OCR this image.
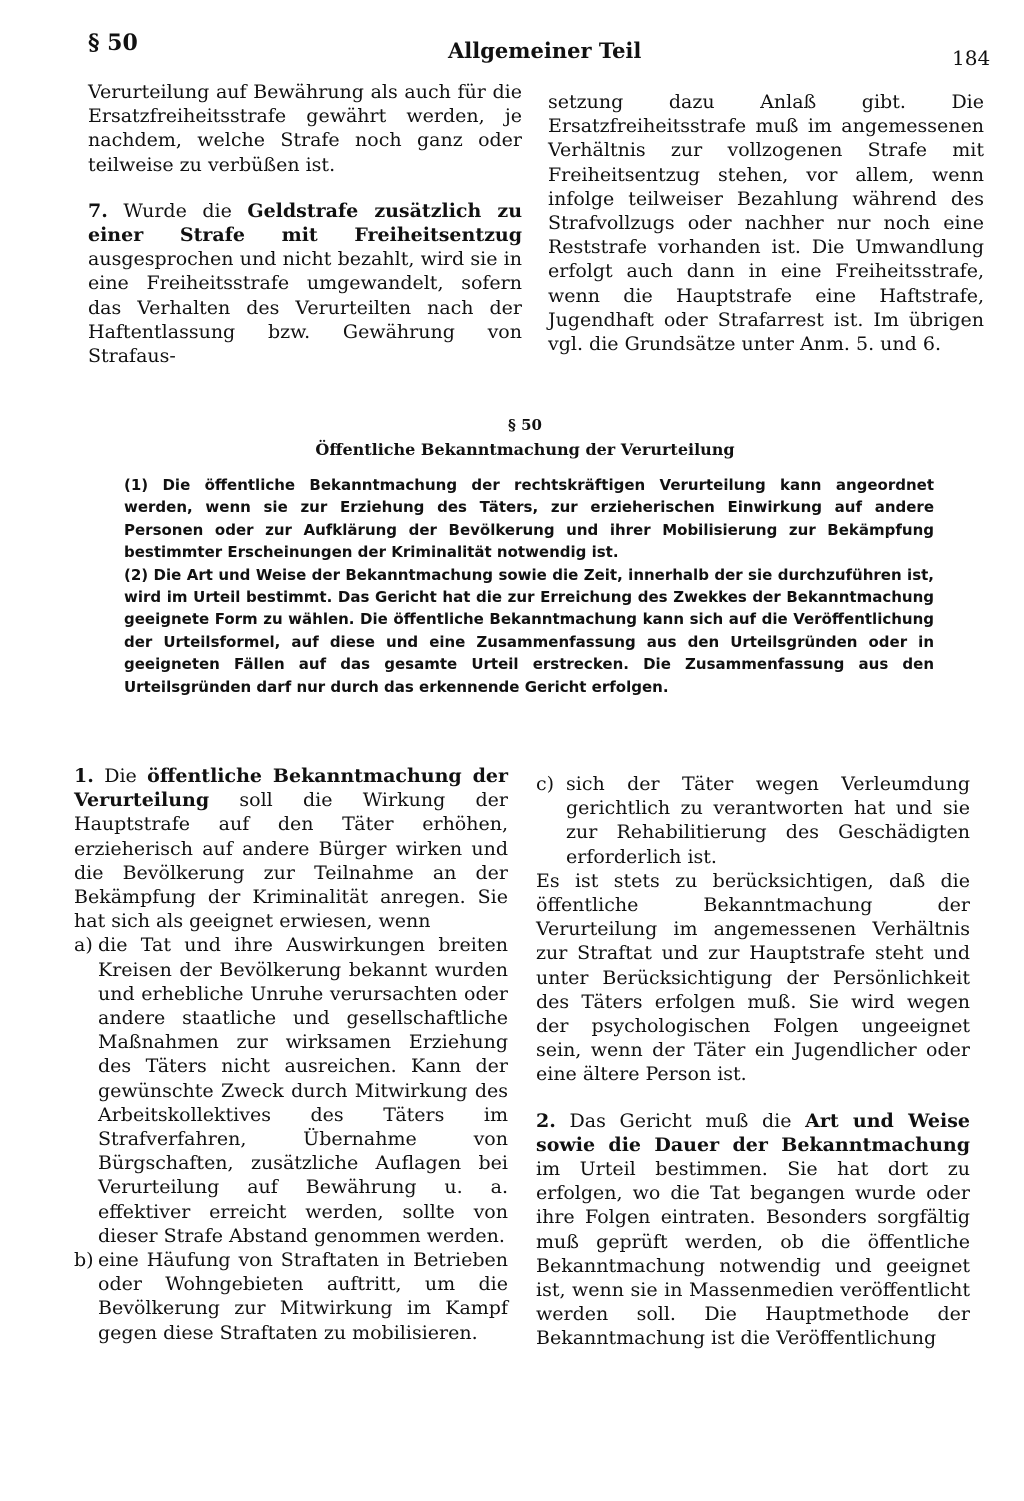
§ 50	Allgemeiner Teil	184

Verurteilung auf Bewährung als auch für die Ersatzfreiheitsstrafe gewährt werden, je nachdem, welche Strafe noch ganz oder teilweise zu verbüßen ist.

7. Wurde die Geldstrafe zusätzlich zu einer Strafe mit Freiheitsentzug ausgesprochen und nicht bezahlt, wird sie in eine Freiheitsstrafe umgewandelt, sofern das Verhalten des Verurteilten nach der Haftentlassung bzw. Gewährung von Strafaus-

setzung dazu Anlaß gibt. Die Ersatzfreiheitsstrafe muß im angemessenen Verhältnis zur vollzogenen Strafe mit Freiheitsentzug stehen, vor allem, wenn infolge teilweiser Bezahlung während des Strafvollzugs oder nachher nur noch eine Reststrafe vorhanden ist. Die Umwandlung erfolgt auch dann in eine Freiheitsstrafe, wenn die Hauptstrafe eine Haftstrafe, Jugendhaft oder Strafarrest ist. Im übrigen vgl. die Grundsätze unter Anm. 5. und 6.

§ 50
Öffentliche Bekanntmachung der Verurteilung

(1) Die öffentliche Bekanntmachung der rechtskräftigen Verurteilung kann angeordnet werden, wenn sie zur Erziehung des Täters, zur erzieherischen Einwirkung auf andere Personen oder zur Aufklärung der Bevölkerung und ihrer Mobilisierung zur Bekämpfung bestimmter Erscheinungen der Kriminalität notwendig ist.

(2) Die Art und Weise der Bekanntmachung sowie die Zeit, innerhalb der sie durchzuführen ist, wird im Urteil bestimmt. Das Gericht hat die zur Erreichung des Zwekkes der Bekanntmachung geeignete Form zu wählen. Die öffentliche Bekanntmachung kann sich auf die Veröffentlichung der Urteilsformel, auf diese und eine Zusammenfassung aus den Urteilsgründen oder in geeigneten Fällen auf das gesamte Urteil erstrecken. Die Zusammenfassung aus den Urteilsgründen darf nur durch das erkennende Gericht erfolgen.

1. Die öffentliche Bekanntmachung der Verurteilung soll die Wirkung der Hauptstrafe auf den Täter erhöhen, erzieherisch auf andere Bürger wirken und die Bevölkerung zur Teilnahme an der Bekämpfung der Kriminalität anregen. Sie hat sich als geeignet erwiesen, wenn

a) die Tat und ihre Auswirkungen breiten Kreisen der Bevölkerung bekannt wurden und erhebliche Unruhe verursachten oder andere staatliche und gesellschaftliche Maßnahmen zur wirksamen Erziehung des Täters nicht ausreichen. Kann der gewünschte Zweck durch Mitwirkung des Arbeitskollektives des Täters im Strafverfahren, Übernahme von Bürgschaften, zusätzliche Auflagen bei Verurteilung auf Bewährung u. a. effektiver erreicht werden, sollte von dieser Strafe Abstand genommen werden.

b) eine Häufung von Straftaten in Betrieben oder Wohngebieten auftritt, um die Bevölkerung zur Mitwirkung im Kampf gegen diese Straftaten zu mobilisieren.

c) sich der Täter wegen Verleumdung gerichtlich zu verantworten hat und sie zur Rehabilitierung des Geschädigten erforderlich ist.

Es ist stets zu berücksichtigen, daß die öffentliche Bekanntmachung der Verurteilung im angemessenen Verhältnis zur Straftat und zur Hauptstrafe steht und unter Berücksichtigung der Persönlichkeit des Täters erfolgen muß. Sie wird wegen der psychologischen Folgen ungeeignet sein, wenn der Täter ein Jugendlicher oder eine ältere Person ist.

2. Das Gericht muß die Art und Weise sowie die Dauer der Bekanntmachung im Urteil bestimmen. Sie hat dort zu erfolgen, wo die Tat begangen wurde oder ihre Folgen eintraten. Besonders sorgfältig muß geprüft werden, ob die öffentliche Bekanntmachung notwendig und geeignet ist, wenn sie in Massenmedien veröffentlicht werden soll. Die Hauptmethode der Bekanntmachung ist die Veröffentlichung
